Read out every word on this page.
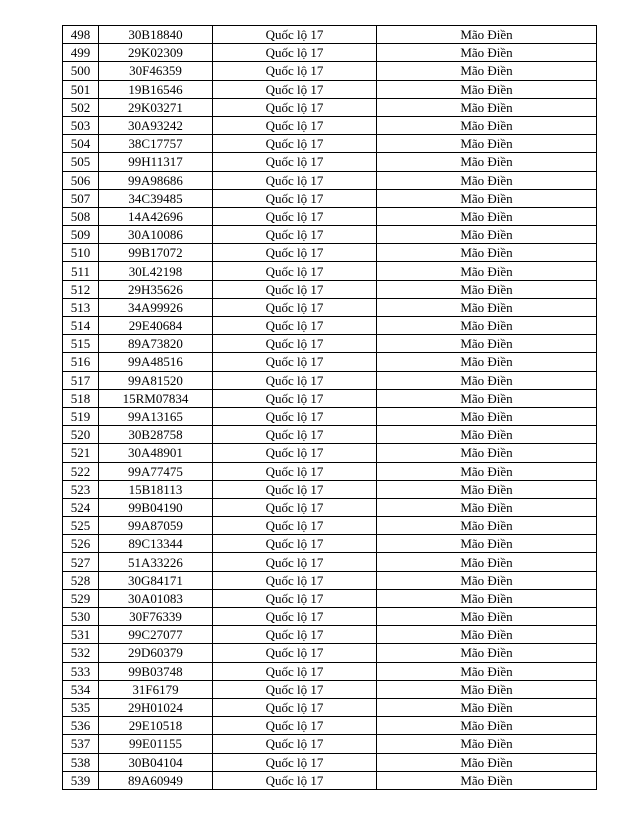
498	30B18840	Quốc lộ 17	Mão Điền
499	29K02309	Quốc lộ 17	Mão Điền
500	30F46359	Quốc lộ 17	Mão Điền
501	19B16546	Quốc lộ 17	Mão Điền
502	29K03271	Quốc lộ 17	Mão Điền
503	30A93242	Quốc lộ 17	Mão Điền
504	38C17757	Quốc lộ 17	Mão Điền
505	99H11317	Quốc lộ 17	Mão Điền
506	99A98686	Quốc lộ 17	Mão Điền
507	34C39485	Quốc lộ 17	Mão Điền
508	14A42696	Quốc lộ 17	Mão Điền
509	30A10086	Quốc lộ 17	Mão Điền
510	99B17072	Quốc lộ 17	Mão Điền
511	30L42198	Quốc lộ 17	Mão Điền
512	29H35626	Quốc lộ 17	Mão Điền
513	34A99926	Quốc lộ 17	Mão Điền
514	29E40684	Quốc lộ 17	Mão Điền
515	89A73820	Quốc lộ 17	Mão Điền
516	99A48516	Quốc lộ 17	Mão Điền
517	99A81520	Quốc lộ 17	Mão Điền
518	15RM07834	Quốc lộ 17	Mão Điền
519	99A13165	Quốc lộ 17	Mão Điền
520	30B28758	Quốc lộ 17	Mão Điền
521	30A48901	Quốc lộ 17	Mão Điền
522	99A77475	Quốc lộ 17	Mão Điền
523	15B18113	Quốc lộ 17	Mão Điền
524	99B04190	Quốc lộ 17	Mão Điền
525	99A87059	Quốc lộ 17	Mão Điền
526	89C13344	Quốc lộ 17	Mão Điền
527	51A33226	Quốc lộ 17	Mão Điền
528	30G84171	Quốc lộ 17	Mão Điền
529	30A01083	Quốc lộ 17	Mão Điền
530	30F76339	Quốc lộ 17	Mão Điền
531	99C27077	Quốc lộ 17	Mão Điền
532	29D60379	Quốc lộ 17	Mão Điền
533	99B03748	Quốc lộ 17	Mão Điền
534	31F6179	Quốc lộ 17	Mão Điền
535	29H01024	Quốc lộ 17	Mão Điền
536	29E10518	Quốc lộ 17	Mão Điền
537	99E01155	Quốc lộ 17	Mão Điền
538	30B04104	Quốc lộ 17	Mão Điền
539	89A60949	Quốc lộ 17	Mão Điền
